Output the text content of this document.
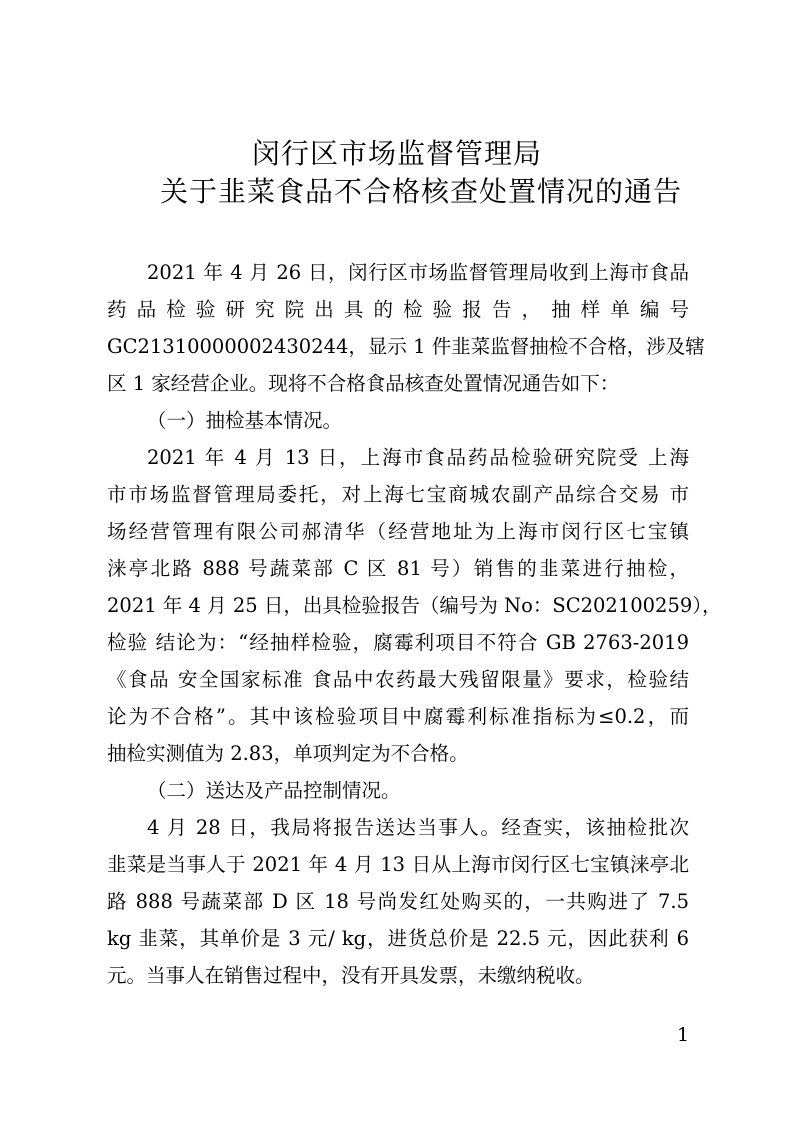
闵行区市场监督管理局
关于韭菜食品不合格核查处置情况的通告
2021 年 4 月 26 日，闵行区市场监督管理局收到上海市食品
药 品 检 验 研 究 院 出 具 的 检 验 报 告 ， 抽 样 单 编 号
GC21310000002430244，显示 1 件韭菜监督抽检不合格，涉及辖
区 1 家经营企业。现将不合格食品核查处置情况通告如下：
（一）抽检基本情况。
2021 年 4 月 13 日，上海市食品药品检验研究院受 上海
市市场监督管理局委托，对上海七宝商城农副产品综合交易 市
场经营管理有限公司郝清华（经营地址为上海市闵行区七宝镇
涞亭北路 888 号蔬菜部 C 区 81 号）销售的韭菜进行抽检，
2021 年 4 月 25 日，出具检验报告（编号为 No：SC202100259），
检验 结论为：“经抽样检验，腐霉利项目不符合 GB 2763-2019
《食品 安全国家标准 食品中农药最大残留限量》要求，检验结
论为不合格”。其中该检验项目中腐霉利标准指标为≤0.2，而
抽检实测值为 2.83，单项判定为不合格。
（二）送达及产品控制情况。
4 月 28 日，我局将报告送达当事人。经查实，该抽检批次
韭菜是当事人于 2021 年 4 月 13 日从上海市闵行区七宝镇涞亭北
路 888 号蔬菜部 D 区 18 号尚发红处购买的，一共购进了 7.5
kg 韭菜，其单价是 3 元/ kg，进货总价是 22.5 元，因此获利 6
元。当事人在销售过程中，没有开具发票，未缴纳税收。
1
